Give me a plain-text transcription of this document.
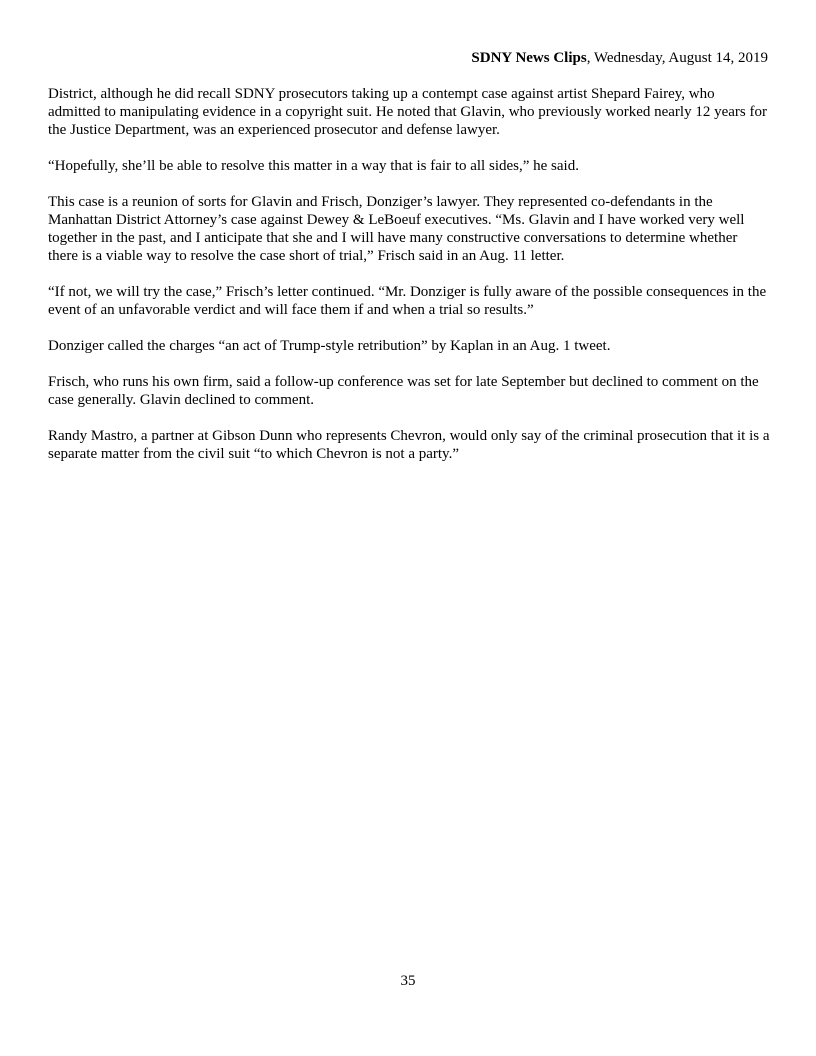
SDNY News Clips, Wednesday, August 14, 2019

District, although he did recall SDNY prosecutors taking up a contempt case against artist Shepard Fairey, who admitted to manipulating evidence in a copyright suit. He noted that Glavin, who previously worked nearly 12 years for the Justice Department, was an experienced prosecutor and defense lawyer.

“Hopefully, she’ll be able to resolve this matter in a way that is fair to all sides,” he said.

This case is a reunion of sorts for Glavin and Frisch, Donziger’s lawyer. They represented co-defendants in the Manhattan District Attorney’s case against Dewey & LeBoeuf executives. “Ms. Glavin and I have worked very well together in the past, and I anticipate that she and I will have many constructive conversations to determine whether there is a viable way to resolve the case short of trial,” Frisch said in an Aug. 11 letter.

“If not, we will try the case,” Frisch’s letter continued. “Mr. Donziger is fully aware of the possible consequences in the event of an unfavorable verdict and will face them if and when a trial so results.”

Donziger called the charges “an act of Trump-style retribution” by Kaplan in an Aug. 1 tweet.

Frisch, who runs his own firm, said a follow-up conference was set for late September but declined to comment on the case generally. Glavin declined to comment.

Randy Mastro, a partner at Gibson Dunn who represents Chevron, would only say of the criminal prosecution that it is a separate matter from the civil suit “to which Chevron is not a party.”

35
